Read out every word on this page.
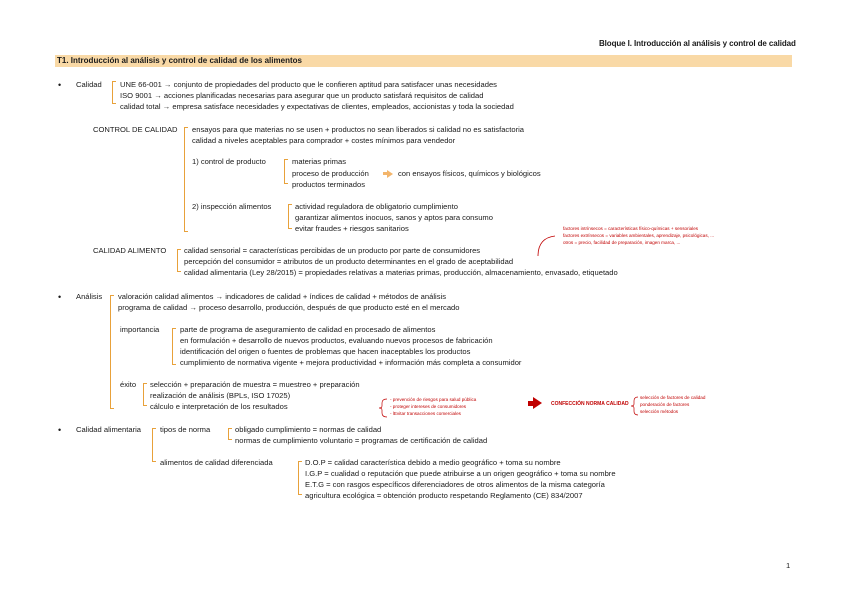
Bloque I. Introducción al análisis y control de calidad
T1. Introducción al análisis y control de calidad de los alimentos
• Calidad UNE 66-001 → conjunto de propiedades del producto que le confieren aptitud para satisfacer unas necesidades
ISO 9001 → acciones planificadas necesarias para asegurar que un producto satisfará requisitos de calidad
calidad total → empresa satisface necesidades y expectativas de clientes, empleados, accionistas y toda la sociedad
CONTROL DE CALIDAD ensayos para que materias no se usen + productos no sean liberados si calidad no es satisfactoria
calidad a niveles aceptables para comprador + costes mínimos para vendedor
1) control de producto	materias primas
proceso de producción
productos terminados
con ensayos físicos, químicos y biológicos
2) inspección alimentos	actividad reguladora de obligatorio cumplimiento
garantizar alimentos inocuos, sanos y aptos para consumo
evitar fraudes + riesgos sanitarios
CALIDAD ALIMENTO calidad sensorial = características percibidas de un producto por parte de consumidores
percepción del consumidor = atributos de un producto determinantes en el grado de aceptabilidad
calidad alimentaria (Ley 28/2015) = propiedades relativas a materias primas, producción, almacenamiento, envasado, etiquetado
factores intrínsecos = características físico-químicas + sensoriales
factores extrínsecos = variables ambientales, aprendizaje, psicológicas, ...
otros = precio, facilidad de preparación, imagen marca, ...
• Análisis valoración calidad alimentos → indicadores de calidad + índices de calidad + métodos de análisis
programa de calidad → proceso desarrollo, producción, después de que producto esté en el mercado
importancia	parte de programa de aseguramiento de calidad en procesado de alimentos
en formulación + desarrollo de nuevos productos, evaluando nuevos procesos de fabricación
identificación del origen o fuentes de problemas que hacen inaceptables los productos
cumplimiento de normativa vigente + mejora productividad + información más completa a consumidor
éxito selección + preparación de muestra = muestreo + preparación
realización de análisis (BPLs, ISO 17025)
cálculo e interpretación de los resultados
- prevención de riesgos para salud pública
- proteger intereses de consumidores
- lEvitar transacciones comerciales
CONFECCIÓN NORMA CALIDAD
selección de factores de calidad
ponderación de factores
selección métodos
• Calidad alimentaria tipos de norma	obligado cumplimiento = normas de calidad
normas de cumplimiento voluntario = programas de certificación de calidad
alimentos de calidad diferenciada	D.O.P = calidad característica debido a medio geográfico + toma su nombre
I.G.P = cualidad o reputación que puede atribuirse a un origen geográfico + toma su nombre
E.T.G = con rasgos específicos diferenciadores de otros alimentos de la misma categoría
agricultura ecológica = obtención producto respetando Reglamento (CE) 834/2007
1
